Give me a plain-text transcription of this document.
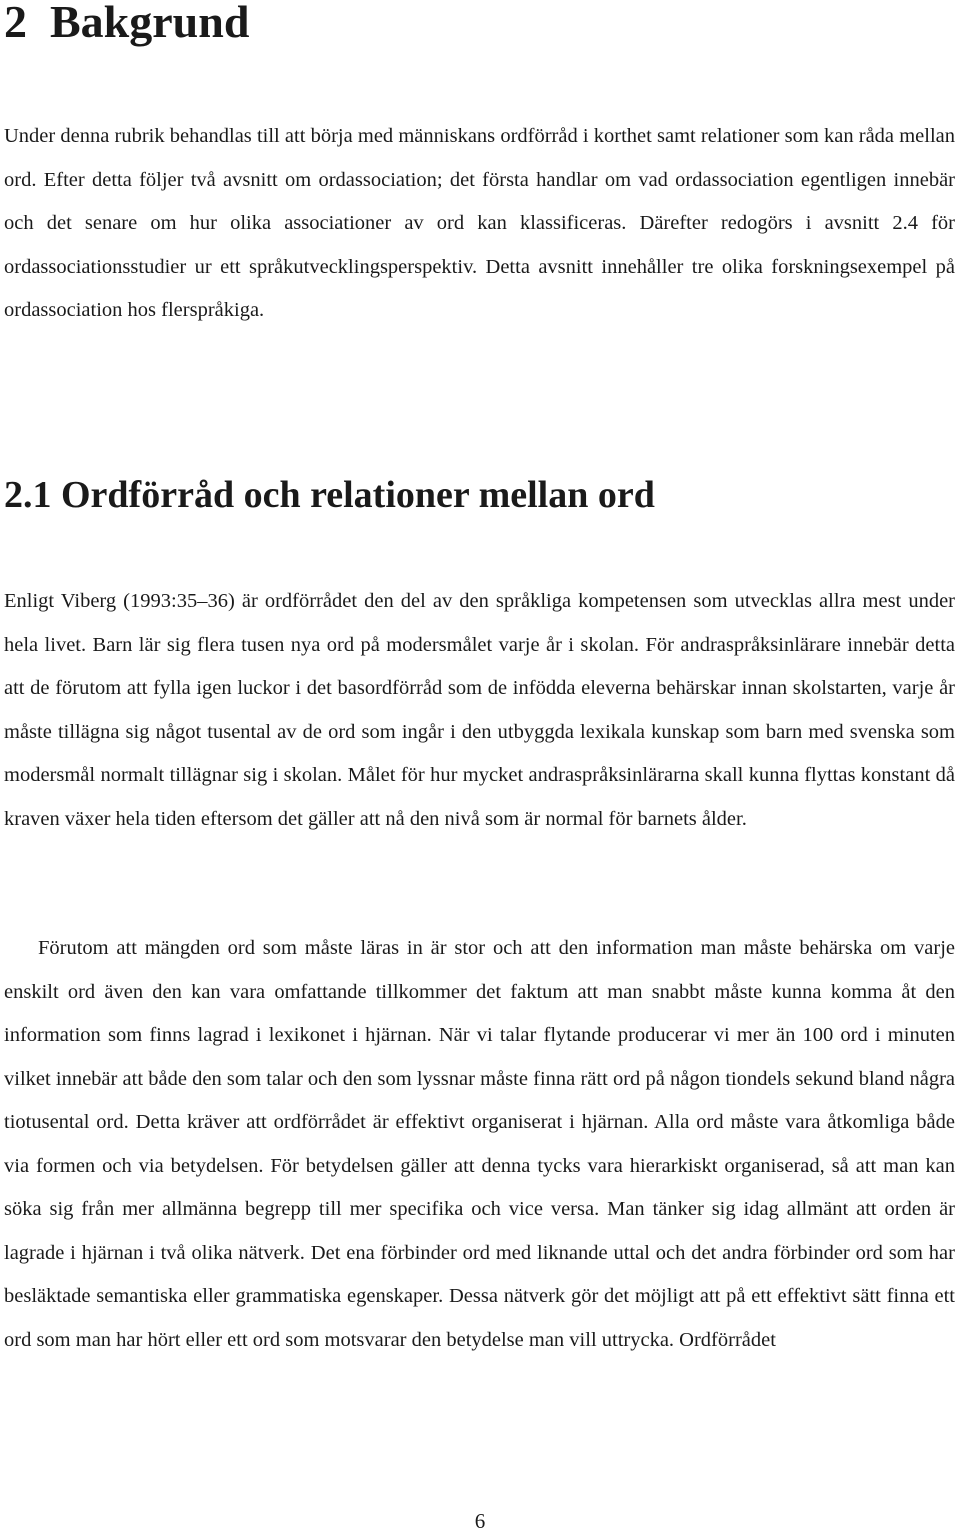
2 Bakgrund

Under denna rubrik behandlas till att börja med människans ordförråd i korthet samt relationer som kan råda mellan ord. Efter detta följer två avsnitt om ordassociation; det första handlar om vad ordassociation egentligen innebär och det senare om hur olika associationer av ord kan klassificeras. Därefter redogörs i avsnitt 2.4 för ordassociationsstudier ur ett språkutvecklingsperspektiv. Detta avsnitt innehåller tre olika forskningsexempel på ordassociation hos flerspråkiga.

2.1 Ordförråd och relationer mellan ord

Enligt Viberg (1993:35–36) är ordförrådet den del av den språkliga kompetensen som utvecklas allra mest under hela livet. Barn lär sig flera tusen nya ord på modersmålet varje år i skolan. För andraspråksinlärare innebär detta att de förutom att fylla igen luckor i det basordförråd som de infödda eleverna behärskar innan skolstarten, varje år måste tillägna sig något tusental av de ord som ingår i den utbyggda lexikala kunskap som barn med svenska som modersmål normalt tillägnar sig i skolan. Målet för hur mycket andraspråksinlärarna skall kunna flyttas konstant då kraven växer hela tiden eftersom det gäller att nå den nivå som är normal för barnets ålder.

Förutom att mängden ord som måste läras in är stor och att den information man måste behärska om varje enskilt ord även den kan vara omfattande tillkommer det faktum att man snabbt måste kunna komma åt den information som finns lagrad i lexikonet i hjärnan. När vi talar flytande producerar vi mer än 100 ord i minuten vilket innebär att både den som talar och den som lyssnar måste finna rätt ord på någon tiondels sekund bland några tiotusental ord. Detta kräver att ordförrådet är effektivt organiserat i hjärnan. Alla ord måste vara åtkomliga både via formen och via betydelsen. För betydelsen gäller att denna tycks vara hierarkiskt organiserad, så att man kan söka sig från mer allmänna begrepp till mer specifika och vice versa. Man tänker sig idag allmänt att orden är lagrade i hjärnan i två olika nätverk. Det ena förbinder ord med liknande uttal och det andra förbinder ord som har besläktade semantiska eller grammatiska egenskaper. Dessa nätverk gör det möjligt att på ett effektivt sätt finna ett ord som man har hört eller ett ord som motsvarar den betydelse man vill uttrycka. Ordförrådet

6
